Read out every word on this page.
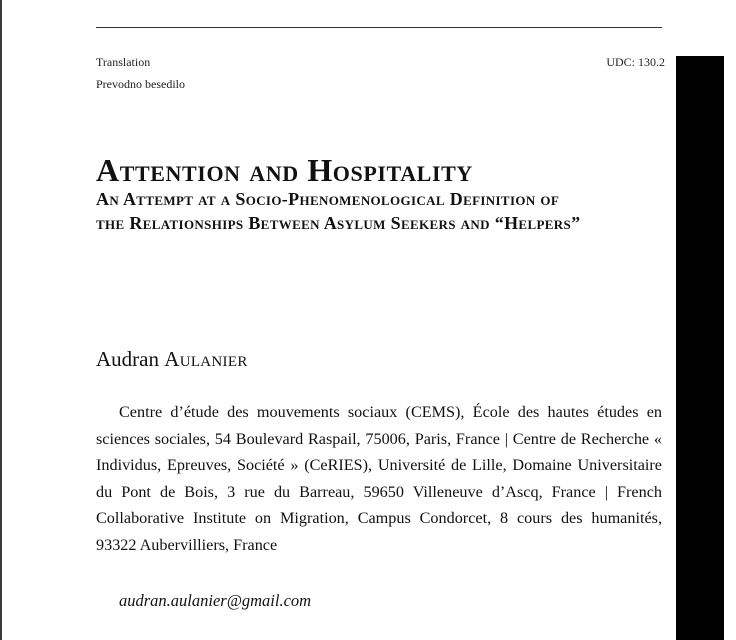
Translation
Prevodno besedilo
UDC: 130.2
Attention and Hospitality
An Attempt at a Socio-Phenomenological Definition of
the Relationships Between Asylum Seekers and “Helpers”

Audran Aulanier

Centre d’étude des mouvements sociaux (CEMS), École des hautes études en sciences sociales, 54 Boulevard Raspail, 75006, Paris, France | Centre de Recherche « Individus, Epreuves, Société » (CeRIES), Université de Lille, Domaine Universitaire du Pont de Bois, 3 rue du Barreau, 59650 Villeneuve d’Ascq, France | French Collaborative Institute on Migration, Campus Condorcet, 8 cours des humanités, 93322 Aubervilliers, France

audran.aulanier@gmail.com
